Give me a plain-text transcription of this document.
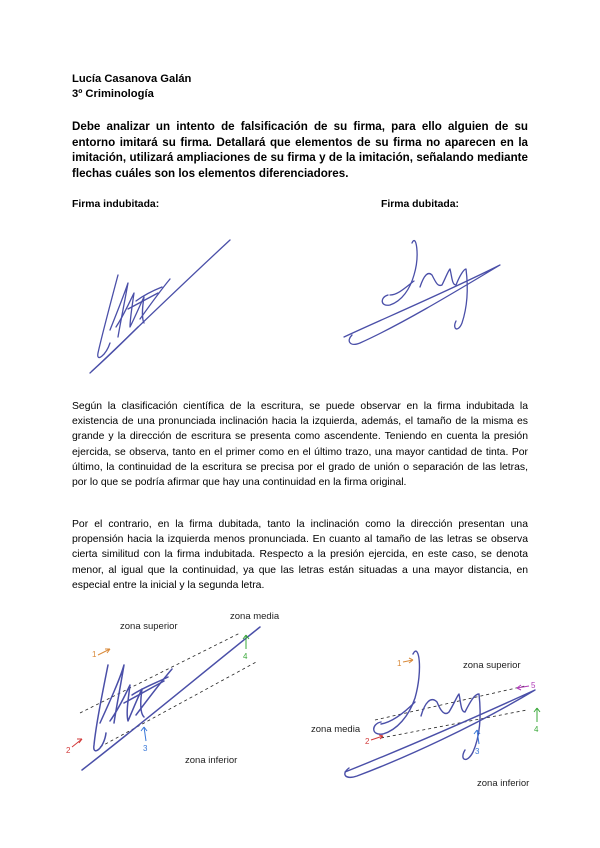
Lucía Casanova Galán
3º Criminología
Debe analizar un intento de falsificación de su firma, para ello alguien de su entorno imitará su firma. Detallará que elementos de su firma no aparecen en la imitación, utilizará ampliaciones de su firma y de la imitación, señalando mediante flechas cuáles son los elementos diferenciadores.
Firma indubitada:	Firma dubitada:
Según la clasificación científica de la escritura, se puede observar en la firma indubitada la existencia de una pronunciada inclinación hacia la izquierda, además, el tamaño de la misma es grande y la dirección de escritura se presenta como ascendente. Teniendo en cuenta la presión ejercida, se observa, tanto en el primer como en el último trazo, una mayor cantidad de tinta. Por último, la continuidad de la escritura se precisa por el grado de unión o separación de las letras, por lo que se podría afirmar que hay una continuidad en la firma original.
Por el contrario, en la firma dubitada, tanto la inclinación como la dirección presentan una propensión hacia la izquierda menos pronunciada. En cuanto al tamaño de las letras se observa cierta similitud con la firma indubitada. Respecto a la presión ejercida, en este caso, se denota menor, al igual que la continuidad, ya que las letras están situadas a una mayor distancia, en especial entre la inicial y la segunda letra.
zona superior
zona media
zona inferior
1
2	3
4
zona superior
zona media
zona inferior
1
2
3
4
5
